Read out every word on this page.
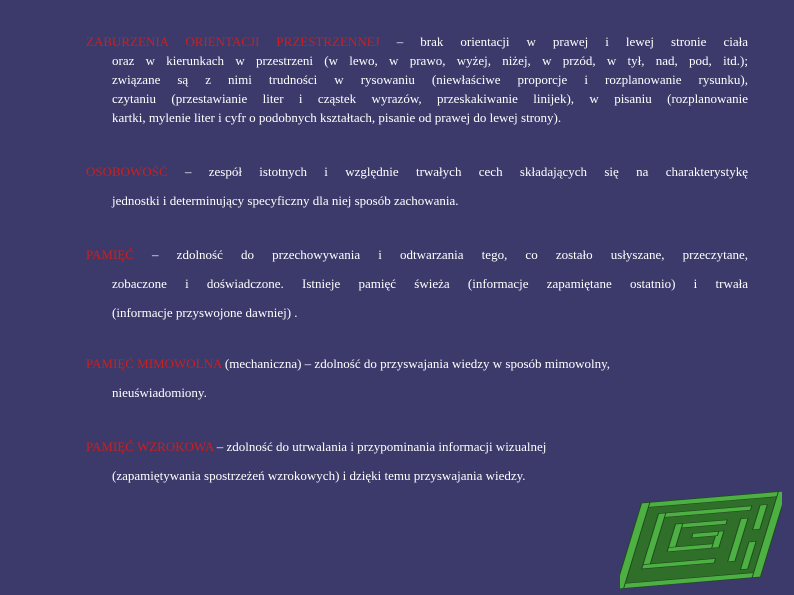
ZABURZENIA ORIENTACJI PRZESTRZENNEJ – brak orientacji w prawej i lewej stronie ciała
oraz w kierunkach w przestrzeni (w lewo, w prawo, wyżej, niżej, w przód, w tył, nad, pod, itd.);
związane są z nimi trudności w rysowaniu (niewłaściwe proporcje i rozplanowanie rysunku),
czytaniu (przestawianie liter i cząstek wyrazów, przeskakiwanie linijek), w pisaniu (rozplanowanie
kartki, mylenie liter i cyfr o podobnych kształtach, pisanie od prawej do lewej strony).
OSOBOWOŚĆ – zespół istotnych i względnie trwałych cech składających się na charakterystykę
jednostki i determinujący specyficzny dla niej sposób zachowania.
PAMIĘĆ – zdolność do przechowywania i odtwarzania tego, co zostało usłyszane, przeczytane,
zobaczone i doświadczone. Istnieje pamięć świeża (informacje zapamiętane ostatnio) i trwała
(informacje przyswojone dawniej) .
PAMIĘĆ MIMOWOLNA (mechaniczna) – zdolność do przyswajania wiedzy w sposób mimowolny,
nieuświadomiony.
PAMIĘĆ WZROKOWA – zdolność do utrwalania i przypominania informacji wizualnej
(zapamiętywania spostrzeżeń wzrokowych) i dzięki temu przyswajania wiedzy.
